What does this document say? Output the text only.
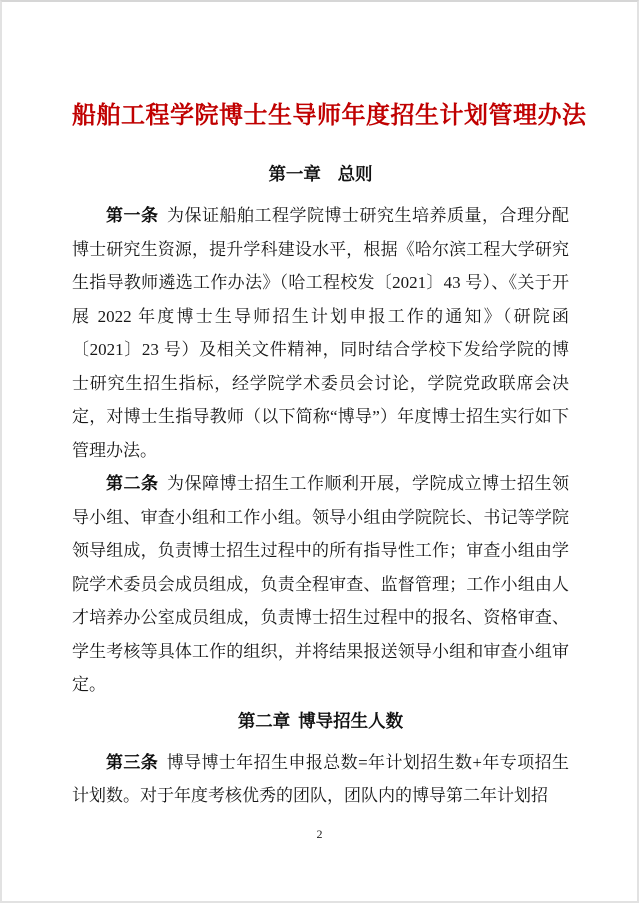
船舶工程学院博士生导师年度招生计划管理办法
第一章 总则

第一条 为保证船舶工程学院博士研究生培养质量，合理分配博士研究生资源，提升学科建设水平，根据《哈尔滨工程大学研究生指导教师遴选工作办法》（哈工程校发〔2021〕43 号）、《关于开展 2022 年度博士生导师招生计划申报工作的通知》（研院函〔2021〕23 号）及相关文件精神，同时结合学校下发给学院的博士研究生招生指标，经学院学术委员会讨论，学院党政联席会决定，对博士生指导教师（以下简称“博导”）年度博士招生实行如下管理办法。

第二条 为保障博士招生工作顺利开展，学院成立博士招生领导小组、审查小组和工作小组。领导小组由学院院长、书记等学院领导组成，负责博士招生过程中的所有指导性工作；审查小组由学院学术委员会成员组成，负责全程审查、监督管理；工作小组由人才培养办公室成员组成，负责博士招生过程中的报名、资格审查、学生考核等具体工作的组织，并将结果报送领导小组和审查小组审定。

第二章 博导招生人数

第三条 博导博士年招生申报总数=年计划招生数+年专项招生计划数。对于年度考核优秀的团队，团队内的博导第二年计划招

2
